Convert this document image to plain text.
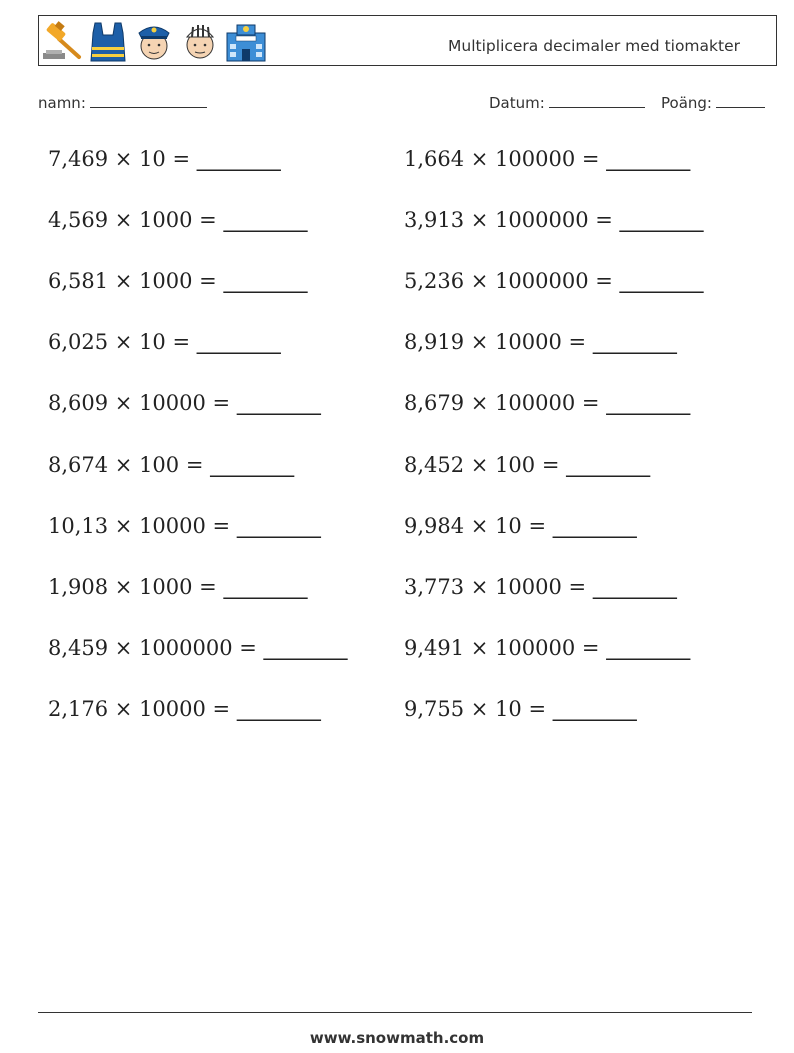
Multiplicera decimaler med tiomakter
namn:	Datum:	Poäng:
7,469 × 10 = ________	1,664 × 100000 = ________
4,569 × 1000 = ________	3,913 × 1000000 = ________
6,581 × 1000 = ________	5,236 × 1000000 = ________
6,025 × 10 = ________	8,919 × 10000 = ________
8,609 × 10000 = ________	8,679 × 100000 = ________
8,674 × 100 = ________	8,452 × 100 = ________
10,13 × 10000 = ________	9,984 × 10 = ________
1,908 × 1000 = ________	3,773 × 10000 = ________
8,459 × 1000000 = ________	9,491 × 100000 = ________
2,176 × 10000 = ________	9,755 × 10 = ________
www.snowmath.com
